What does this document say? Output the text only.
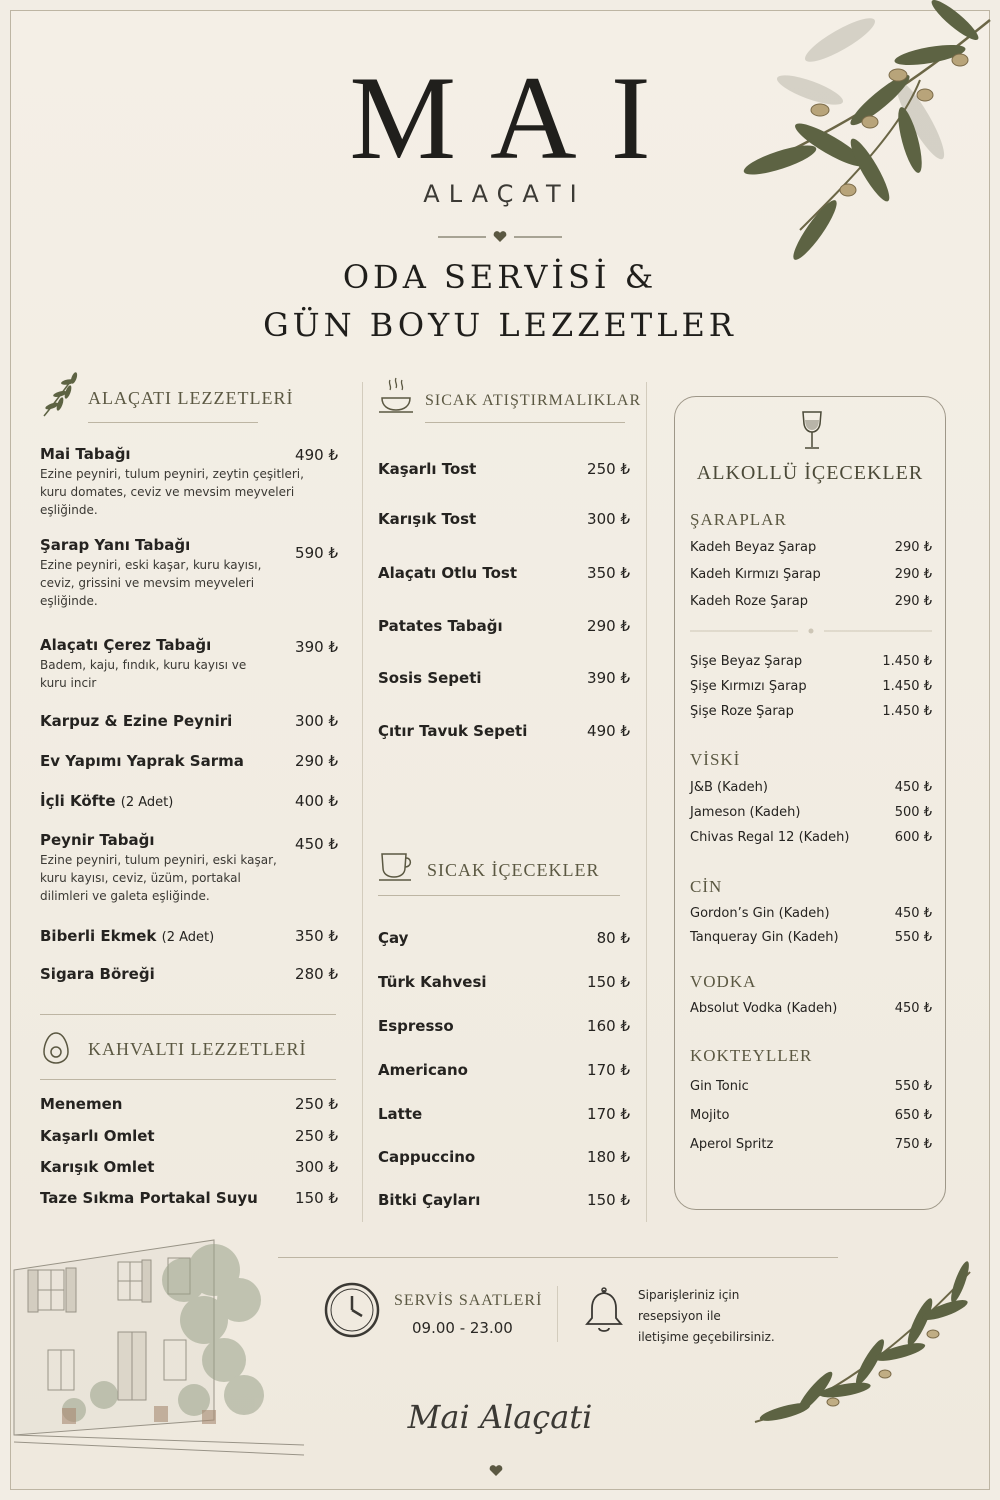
MAI
ALAÇATI
ODA SERVİSİ &
GÜN BOYU LEZZETLER
ALAÇATI LEZZETLERİ
Mai Tabağı
Ezine peyniri, tulum peyniri, zeytin çeşitleri,
kuru domates, ceviz ve mevsim meyveleri
eşliğinde.
490 ₺
Şarap Yanı Tabağı
Ezine peyniri, eski kaşar, kuru kayısı,
ceviz, grissini ve mevsim meyveleri
eşliğinde.
590 ₺
Alaçatı Çerez Tabağı
Badem, kaju, fındık, kuru kayısı ve
kuru incir
390 ₺
Karpuz & Ezine Peyniri	300 ₺
Ev Yapımı Yaprak Sarma	290 ₺
İçli Köfte (2 Adet)	400 ₺
Peynir Tabağı
Ezine peyniri, tulum peyniri, eski kaşar,
kuru kayısı, ceviz, üzüm, portakal
dilimleri ve galeta eşliğinde.
450 ₺
Biberli Ekmek (2 Adet)	350 ₺
Sigara Böreği	280 ₺
KAHVALTI LEZZETLERİ
Menemen	250 ₺
Kaşarlı Omlet	250 ₺
Karışık Omlet	300 ₺
Taze Sıkma Portakal Suyu	150 ₺
SICAK ATIŞTIRMALIKLAR
Kaşarlı Tost	250 ₺
Karışık Tost	300 ₺
Alaçatı Otlu Tost	350 ₺
Patates Tabağı	290 ₺
Sosis Sepeti	390 ₺
Çıtır Tavuk Sepeti	490 ₺
SICAK İÇECEKLER
Çay	80 ₺
Türk Kahvesi	150 ₺
Espresso	160 ₺
Americano	170 ₺
Latte	170 ₺
Cappuccino	180 ₺
Bitki Çayları	150 ₺
ALKOLLÜ İÇECEKLER
ŞARAPLAR
Kadeh Beyaz Şarap	290 ₺
Kadeh Kırmızı Şarap	290 ₺
Kadeh Roze Şarap	290 ₺
Şişe Beyaz Şarap	1.450 ₺
Şişe Kırmızı Şarap	1.450 ₺
Şişe Roze Şarap	1.450 ₺
VİSKİ
J&B (Kadeh)	450 ₺
Jameson (Kadeh)	500 ₺
Chivas Regal 12 (Kadeh)	600 ₺
CİN
Gordon’s Gin (Kadeh)	450 ₺
Tanqueray Gin (Kadeh)	550 ₺
VODKA
Absolut Vodka (Kadeh)	450 ₺
KOKTEYLLER
Gin Tonic	550 ₺
Mojito	650 ₺
Aperol Spritz	750 ₺
SERVİS SAATLERİ
09.00 - 23.00
Siparişleriniz için
resepsiyon ile
iletişime geçebilirsiniz.
Mai Alaçati
